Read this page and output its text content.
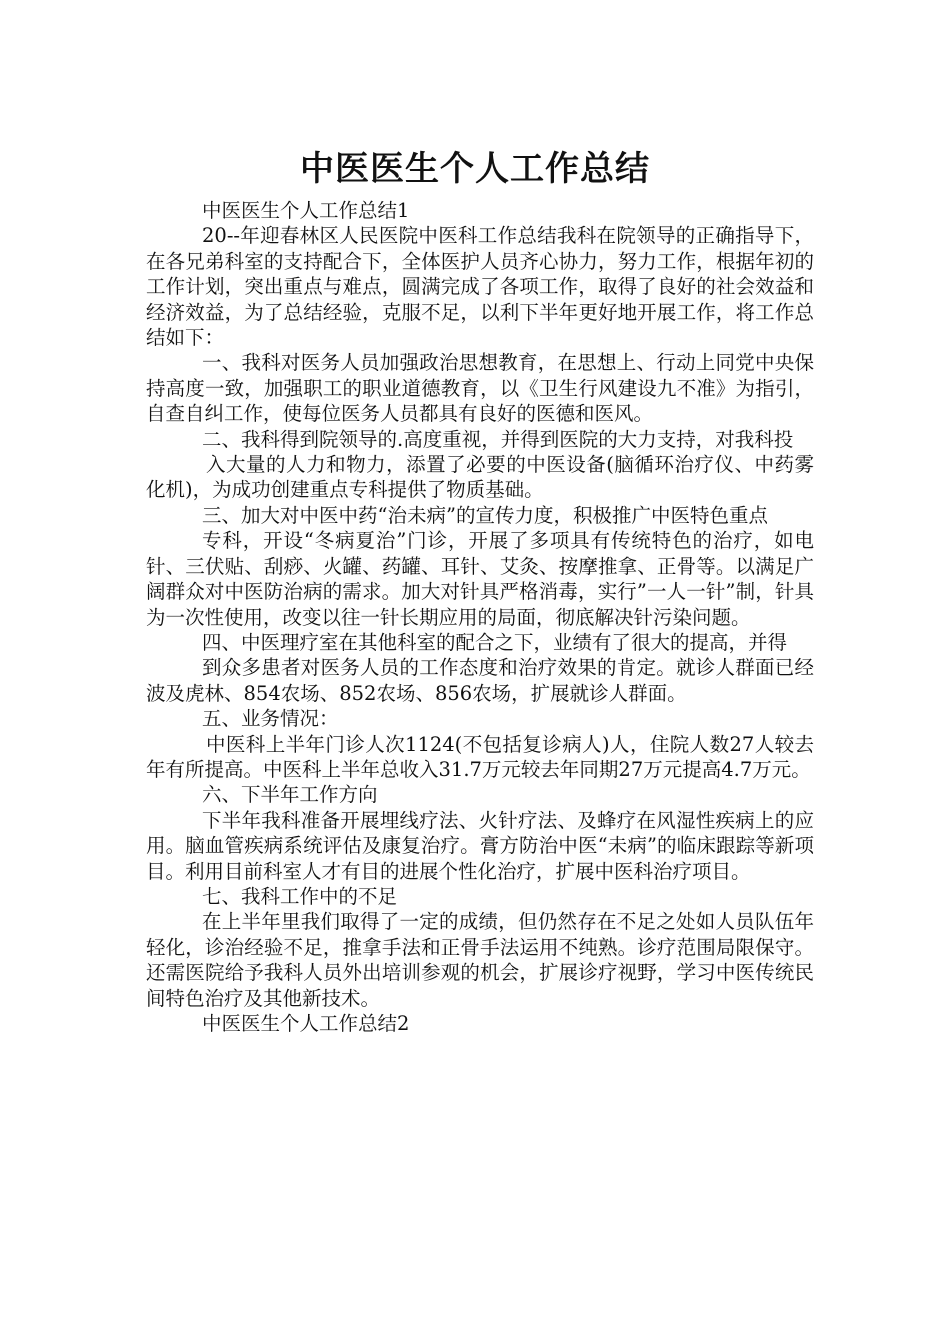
中医医生个人工作总结

中医医生个人工作总结1

20--年迎春林区人民医院中医科工作总结我科在院领导的正确指导下，在各兄弟科室的支持配合下，全体医护人员齐心协力，努力工作，根据年初的工作计划，突出重点与难点，圆满完成了各项工作，取得了良好的社会效益和经济效益，为了总结经验，克服不足，以利下半年更好地开展工作，将工作总结如下：

一、我科对医务人员加强政治思想教育，在思想上、行动上同党中央保持高度一致，加强职工的职业道德教育，以《卫生行风建设九不准》为指引，自查自纠工作，使每位医务人员都具有良好的医德和医风。

二、我科得到院领导的.高度重视，并得到医院的大力支持，对我科投

入大量的人力和物力，添置了必要的中医设备(脑循环治疗仪、中药雾化机)，为成功创建重点专科提供了物质基础。

三、加大对中医中药“治未病”的宣传力度，积极推广中医特色重点

专科，开设“冬病夏治”门诊，开展了多项具有传统特色的治疗，如电针、三伏贴、刮痧、火罐、药罐、耳针、艾灸、按摩推拿、正骨等。以满足广阔群众对中医防治病的需求。加大对针具严格消毒，实行”一人一针”制，针具为一次性使用，改变以往一针长期应用的局面，彻底解决针污染问题。

四、中医理疗室在其他科室的配合之下，业绩有了很大的提高，并得

到众多患者对医务人员的工作态度和治疗效果的肯定。就诊人群面已经波及虎林、854农场、852农场、856农场，扩展就诊人群面。

五、业务情况：

中医科上半年门诊人次1124(不包括复诊病人)人，住院人数27人较去年有所提高。中医科上半年总收入31.7万元较去年同期27万元提高4.7万元。

六、下半年工作方向

下半年我科准备开展埋线疗法、火针疗法、及蜂疗在风湿性疾病上的应用。脑血管疾病系统评估及康复治疗。膏方防治中医“未病”的临床跟踪等新项目。利用目前科室人才有目的进展个性化治疗，扩展中医科治疗项目。

七、我科工作中的不足

在上半年里我们取得了一定的成绩，但仍然存在不足之处如人员队伍年轻化，诊治经验不足，推拿手法和正骨手法运用不纯熟。诊疗范围局限保守。还需医院给予我科人员外出培训参观的机会，扩展诊疗视野，学习中医传统民间特色治疗及其他新技术。

中医医生个人工作总结2
